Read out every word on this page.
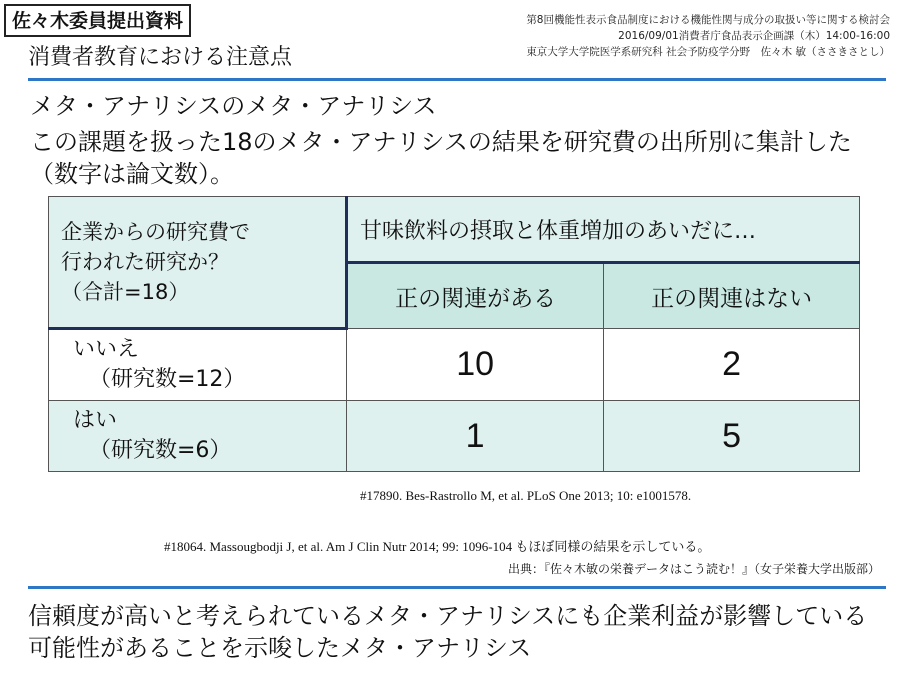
佐々木委員提出資料
消費者教育における注意点
第8回機能性表示食品制度における機能性関与成分の取扱い等に関する検討会
2016/09/01消費者庁食品表示企画課（木）14:00-16:00
東京大学大学院医学系研究科 社会予防疫学分野　佐々木 敏（ささきさとし）
メタ・アナリシスのメタ・アナリシス
この課題を扱った18のメタ・アナリシスの結果を研究費の出所別に集計した（数字は論文数）。
企業からの研究費で
行われた研究か？
（合計=18）	甘味飲料の摂取と体重増加のあいだに…	
	正の関連がある	正の関連はない
いいえ
（研究数=12）	10	2
はい
（研究数=6）	1	5
#17890. Bes-Rastrollo M, et al. PLoS One 2013; 10: e1001578.
#18064. Massougbodji J, et al. Am J Clin Nutr 2014; 99: 1096-104 もほぼ同様の結果を示している。
出典：『佐々木敏の栄養データはこう読む！』（女子栄養大学出版部）
信頼度が高いと考えられているメタ・アナリシスにも企業利益が影響している可能性があることを示唆したメタ・アナリシス
